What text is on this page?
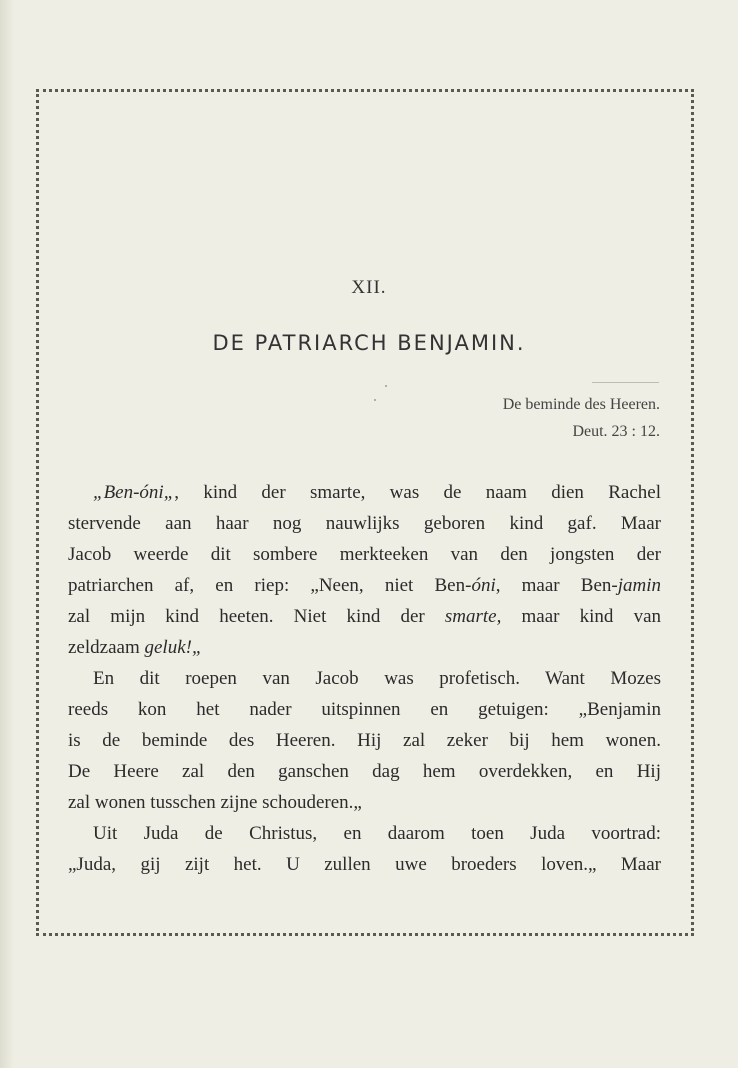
XII.
DE PATRIARCH BENJAMIN.
De beminde des Heeren.
Deut. 23 : 12.
„Ben-óni„, kind der smarte, was de naam dien Rachel
stervende aan haar nog nauwlijks geboren kind gaf. Maar
Jacob weerde dit sombere merkteeken van den jongsten der
patriarchen af, en riep: „Neen, niet Ben-óni, maar Ben-jamin
zal mijn kind heeten. Niet kind der smarte, maar kind van
zeldzaam geluk!„
En dit roepen van Jacob was profetisch. Want Mozes
reeds kon het nader uitspinnen en getuigen: „Benjamin
is de beminde des Heeren. Hij zal zeker bij hem wonen.
De Heere zal den ganschen dag hem overdekken, en Hij
zal wonen tusschen zijne schouderen.„
Uit Juda de Christus, en daarom toen Juda voortrad:
„Juda, gij zijt het. U zullen uwe broeders loven.„ Maar
